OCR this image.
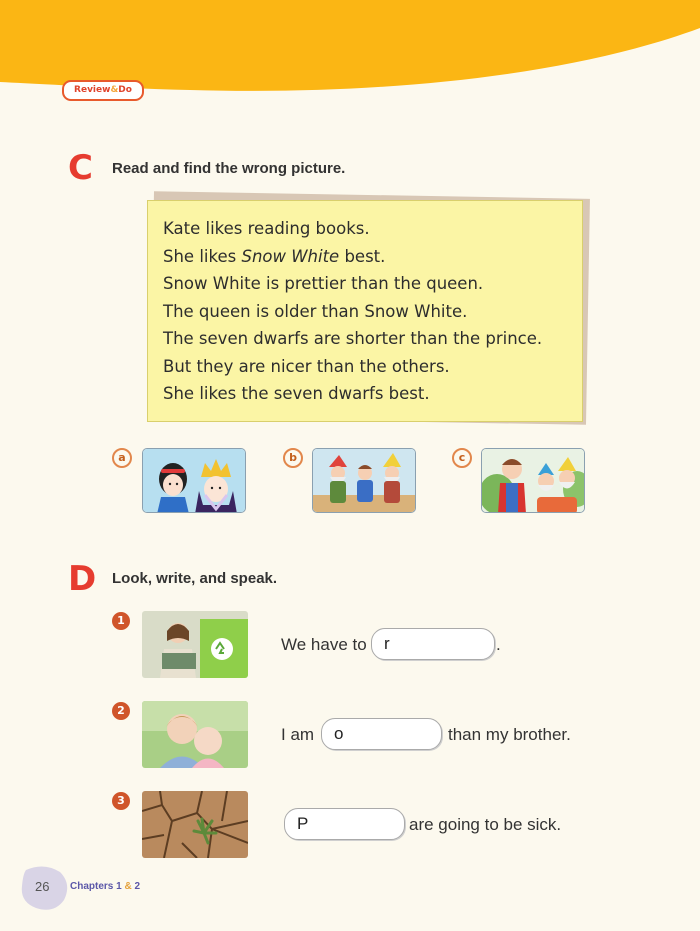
Review&Do
C Read and find the wrong picture.
Kate likes reading books.
She likes Snow White best.
Snow White is prettier than the queen.
The queen is older than Snow White.
The seven dwarfs are shorter than the prince.
But they are nicer than the others.
She likes the seven dwarfs best.
a	b	c
D Look, write, and speak.
1
We have to	r	.
2
I am	o	than my brother.
3
P	are going to be sick.
26 Chapters 1 & 2
